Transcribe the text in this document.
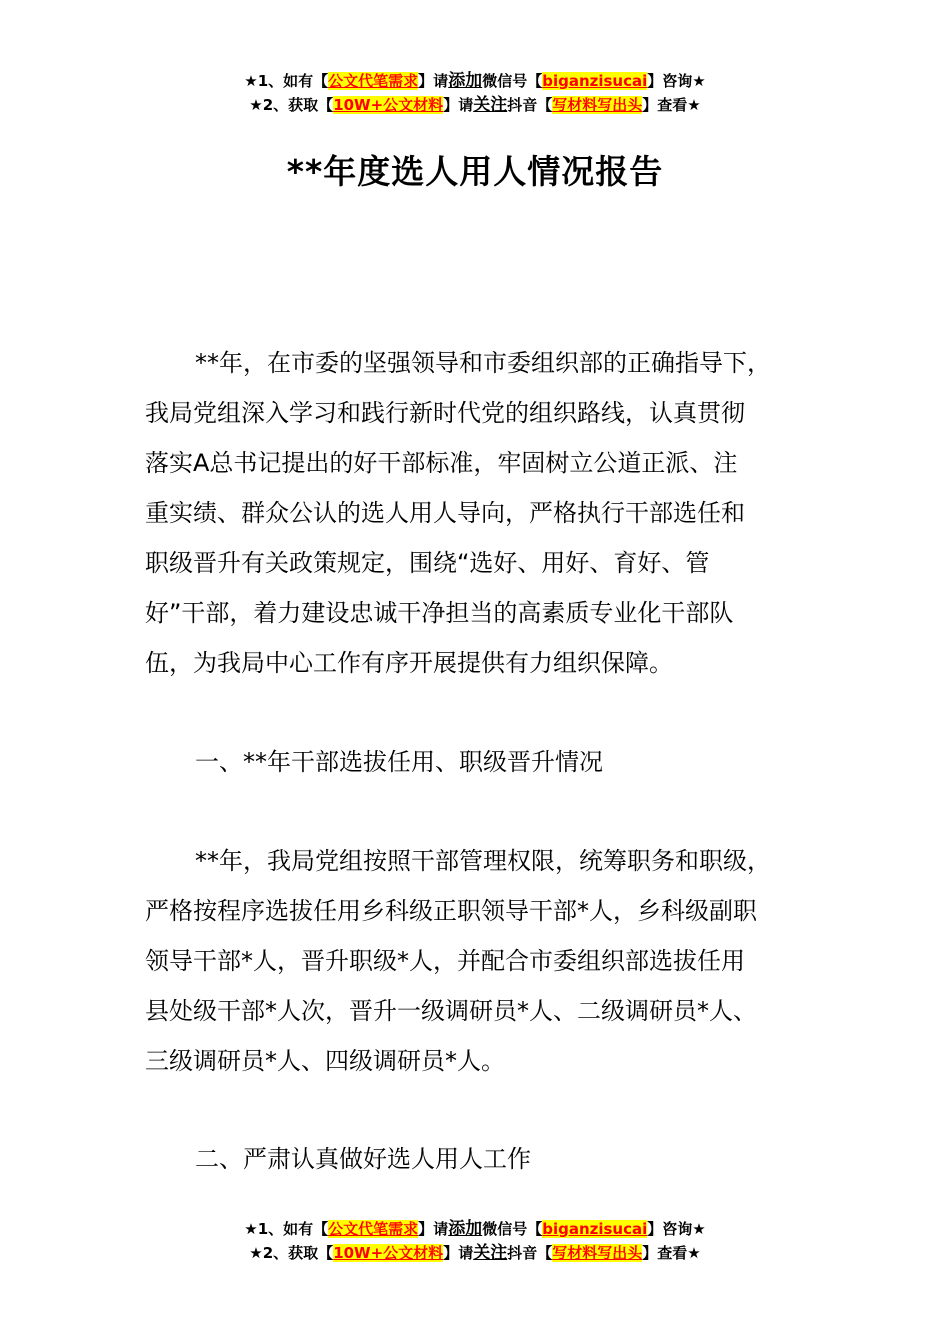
★1、如有【公文代笔需求】请添加微信号【biganzisucai】咨询★
★2、获取【10W+公文材料】请关注抖音【写材料写出头】查看★
**年度选人用人情况报告
**年，在市委的坚强领导和市委组织部的正确指导下，
我局党组深入学习和践行新时代党的组织路线，认真贯彻
落实A总书记提出的好干部标准，牢固树立公道正派、注
重实绩、群众公认的选人用人导向，严格执行干部选任和
职级晋升有关政策规定，围绕“选好、用好、育好、管
好”干部，着力建设忠诚干净担当的高素质专业化干部队
伍，为我局中心工作有序开展提供有力组织保障。
一、**年干部选拔任用、职级晋升情况
**年，我局党组按照干部管理权限，统筹职务和职级，
严格按程序选拔任用乡科级正职领导干部*人，乡科级副职
领导干部*人，晋升职级*人，并配合市委组织部选拔任用
县处级干部*人次，晋升一级调研员*人、二级调研员*人、
三级调研员*人、四级调研员*人。
二、严肃认真做好选人用人工作
★1、如有【公文代笔需求】请添加微信号【biganzisucai】咨询★
★2、获取【10W+公文材料】请关注抖音【写材料写出头】查看★
